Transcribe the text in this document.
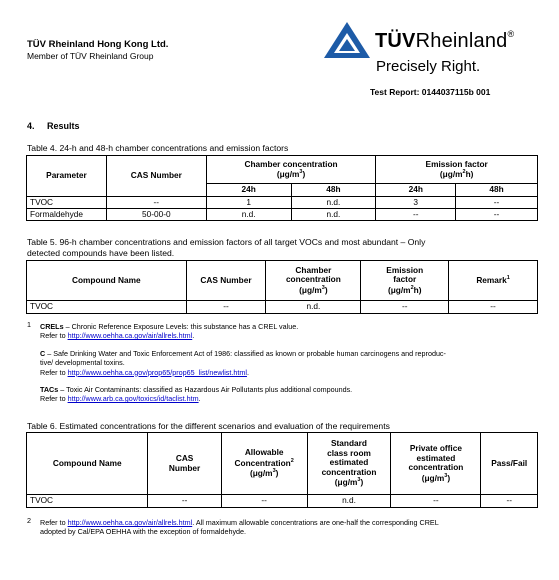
TÜV Rheinland Hong Kong Ltd.
Member of TÜV Rheinland Group
TÜVRheinland®
Precisely Right.
Test Report: 0144037115b 001
4. Results
Table 4. 24-h and 48-h chamber concentrations and emission factors
Parameter	CAS Number	Chamber concentration
$(\mu g/m^3)$		Emission factor
$(\mu g/m^2h)$	
		24h	48h	24h	48h
TVOC	--	1	n.d.	3	--
Formaldehyde	50-00-0	n.d.	n.d.	--	--
Table 5. 96-h chamber concentrations and emission factors of all target VOCs and most abundant – Only
detected compounds have been listed.
Compound Name	CAS Number	Chamber
concentration
$(\mu g/m^3)$	Emission
factor
$(\mu g/m^2h)$	Remark$^1$
TVOC	--	n.d.	--	--
1 CRELs – Chronic Reference Exposure Levels: this substance has a CREL value.
Refer to http://www.oehha.ca.gov/air/allrels.html.
C – Safe Drinking Water and Toxic Enforcement Act of 1986: classified as known or probable human carcinogens and reproduc-
tive/ developmental toxins.
Refer to http://www.oehha.ca.gov/prop65/prop65_list/newlist.html.
TACs – Toxic Air Contaminants: classified as Hazardous Air Pollutants plus additional compounds.
Refer to http://www.arb.ca.gov/toxics/id/taclist.htm.
Table 6. Estimated concentrations for the different scenarios and evaluation of the requirements
Compound Name	CAS
Number	Allowable
Concentration$^2$
$(\mu g/m^3)$	Standard
class room
estimated
concentration
$(\mu g/m^3)$	Private office
estimated
concentration
$(\mu g/m^3)$	Pass/Fail
TVOC	--	--	n.d.	--	--
2 Refer to http://www.oehha.ca.gov/air/allrels.html. All maximum allowable concentrations are one-half the corresponding CREL
adopted by Cal/EPA OEHHA with the exception of formaldehyde.
